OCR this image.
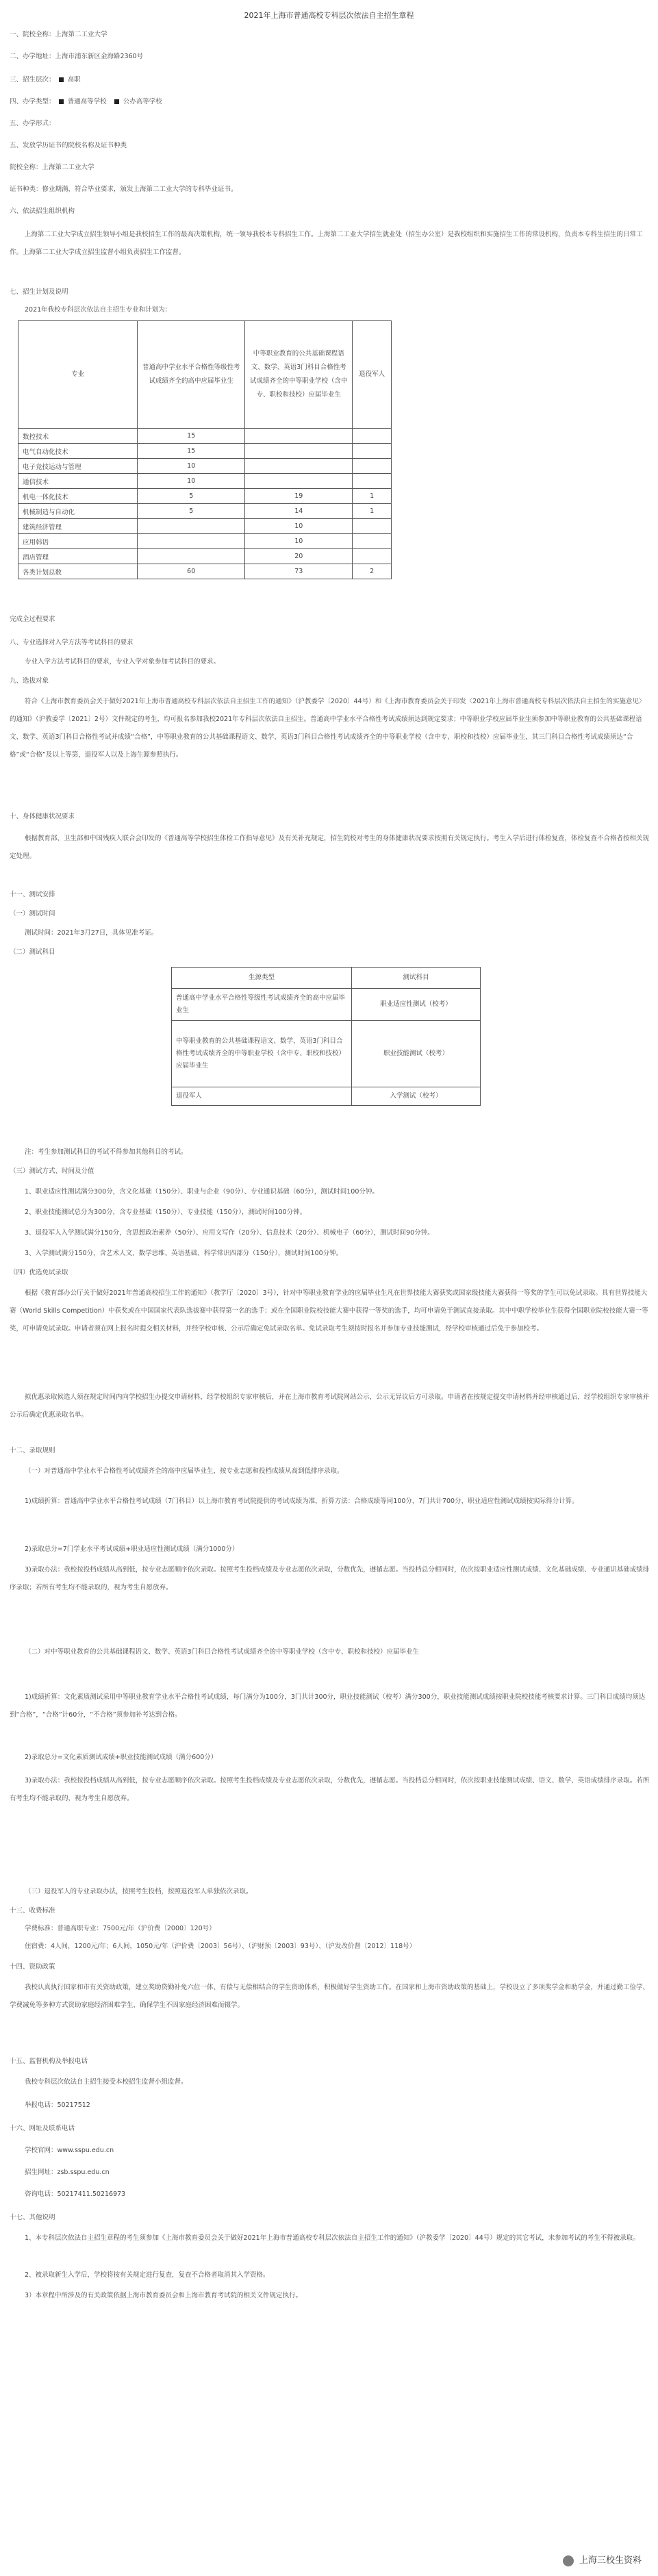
2021年上海市普通高校专科层次依法自主招生章程
一、院校全称：上海第二工业大学
二、办学地址：上海市浦东新区金海路2360号
三、招生层次： 高职
四、办学类型： 普通高等学校	公办高等学校
五、办学形式：
五、发放学历证书的院校名称及证书种类
院校全称：上海第二工业大学
证书种类：修业期满，符合毕业要求，颁发上海第二工业大学的专科毕业证书。
六、依法招生组织机构
上海第二工业大学成立招生领导小组是我校招生工作的最高决策机构，统一领导我校本专科招生工作。上海第二工业大学招生就业处（招生办公室）是我校组织和实施招生工作的常设机构，负责本专科生招生的日常工作。上海第二工业大学成立招生监督小组负责招生工作监督。
七、招生计划及说明
2021年我校专科层次依法自主招生专业和计划为：
专业	普通高中学业水平合格性等级性考试成绩齐全的高中应届毕业生	中等职业教育的公共基础课程语文、数学、英语3门科目合格性考试成绩齐全的中等职业学校（含中专、职校和技校）应届毕业生	退役军人
数控技术	15		
电气自动化技术	15		
电子竞技运动与管理	10		
通信技术	10		
机电一体化技术	5	19	1
机械制造与自动化	5	14	1
建筑经济管理		10	
应用韩语		10	
酒店管理		20	
各类计划总数	60	73	2
完成全过程要求
八、专业选择对入学方法等考试科目的要求
专业入学方法考试科目的要求，专业入学对象参加考试科目的要求。
九、选拔对象
符合《上海市教育委员会关于做好2021年上海市普通高校专科层次依法自主招生工作的通知》（沪教委学〔2020〕44号）和《上海市教育委员会关于印发〈2021年上海市普通高校专科层次依法自主招生的实施意见〉的通知》（沪教委学〔2021〕2号）文件规定的考生，均可报名参加我校2021年专科层次依法自主招生。普通高中学业水平合格性考试成绩须达到规定要求；中等职业学校应届毕业生须参加中等职业教育的公共基础课程语文、数学、英语3门科目合格性考试并成绩“合格”，中等职业教育的公共基础课程语文、数学、英语3门科目合格性考试成绩齐全的中等职业学校（含中专、职校和技校）应届毕业生，其三门科目合格性考试成绩须达“合格”或“合格”及以上等第，退役军人以及上海生源参照执行。
十、身体健康状况要求
根据教育部、卫生部和中国残疾人联合会印发的《普通高等学校招生体检工作指导意见》及有关补充规定，招生院校对考生的身体健康状况要求按照有关规定执行。考生入学后进行体检复查，体检复查不合格者按相关规定处理。
十一、测试安排
（一）测试时间
测试时间：2021年3月27日，具体见准考证。
（二）测试科目
生源类型	测试科目
普通高中学业水平合格性等级性考试成绩齐全的高中应届毕业生	职业适应性测试（校考）
中等职业教育的公共基础课程语文、数学、英语3门科目合格性考试成绩齐全的中等职业学校（含中专、职校和技校）应届毕业生	职业技能测试（校考）
退役军人	入学测试（校考）
注：考生参加测试科目的考试不得参加其他科目的考试。
（三）测试方式、时间及分值
1、职业适应性测试满分300分，含文化基础（150分）、职业与企业（90分）、专业通识基础（60分），测试时间100分钟。
2、职业技能测试总分为300分，含专业基础（150分）、专业技能（150分），测试时间100分钟。
3、退役军人入学测试满分150分，含思想政治素养（50分）、应用文写作（20分）、信息技术（20分）、机械电子（60分），测试时间90分钟。
3、入学测试满分150分，含艺术人文、数学思维、英语基础、科学常识四部分（150分），测试时间100分钟。
（四）优选免试录取
根据《教育部办公厅关于做好2021年普通高校招生工作的通知》（教学厅〔2020〕3号），针对中等职业教育学业的应届毕业生凡在世界技能大赛获奖或国家级技能大赛获得一等奖的学生可以免试录取。具有世界技能大赛（World Skills Competition）中获奖或在中国国家代表队选拔赛中获得第一名的选手；或在全国职业院校技能大赛中获得一等奖的选手，均可申请免于测试直接录取。其中中职学校毕业生获得全国职业院校技能大赛一等奖，可申请免试录取。申请者须在网上报名时提交相关材料，并经学校审核、公示后确定免试录取名单。免试录取考生须按时报名并参加专业技能测试，经学校审核通过后免于参加校考。
拟优惠录取候选人须在规定时间内向学校招生办提交申请材料，经学校组织专家审核后，并在上海市教育考试院网站公示，公示无异议后方可录取。申请者在按规定提交申请材料并经审核通过后，经学校组织专家审核并公示后确定优惠录取名单。
十二、录取规则
（一）对普通高中学业水平合格性考试成绩齐全的高中应届毕业生，按专业志愿和投档成绩从高到低排序录取。
1)成绩折算：普通高中学业水平合格性考试成绩（7门科目）以上海市教育考试院提供的考试成绩为准，折算方法：合格成绩等同100分，7门共计700分，职业适应性测试成绩按实际得分计算。
2)录取总分=7门学业水平考试成绩+职业适应性测试成绩（满分1000分）
3)录取办法：我校按投档成绩从高到低，按专业志愿顺序依次录取。按照考生投档成绩及专业志愿依次录取，分数优先，遵循志愿。当投档总分相同时，依次按职业适应性测试成绩、文化基础成绩、专业通识基础成绩排序录取；若所有考生均不能录取的，视为考生自愿放弃。
（二）对中等职业教育的公共基础课程语文、数学、英语3门科目合格性考试成绩齐全的中等职业学校（含中专、职校和技校）应届毕业生
1)成绩折算：文化素质测试采用中等职业教育学业水平合格性考试成绩，每门满分为100分，3门共计300分，职业技能测试（校考）满分300分，职业技能测试成绩按职业院校技能考核要求计算。三门科目成绩均须达到“合格”，“合格”计60分，“不合格”须参加补考达到合格。
2)录取总分=文化素质测试成绩+职业技能测试成绩（满分600分）
3)录取办法：我校按投档成绩从高到低，按专业志愿顺序依次录取。按照考生投档成绩及专业志愿依次录取，分数优先，遵循志愿。当投档总分相同时，依次按职业技能测试成绩、语文、数学、英语成绩排序录取。若所有考生均不能录取的，视为考生自愿放弃。
（三）退役军人的专业录取办法，按照考生投档，按照退役军人单独依次录取。
十三、收费标准
学费标准：普通高职专业：7500元/年（沪价费〔2000〕120号）
住宿费：4人间，1200元/年；6人间，1050元/年（沪价费〔2003〕56号）、（沪财预〔2003〕93号）、（沪发改价督〔2012〕118号）
十四、资助政策
我校认真执行国家和市有关资助政策，建立奖助贷勤补免六位一体、有偿与无偿相结合的学生资助体系，积极做好学生资助工作。在国家和上海市资助政策的基础上，学校设立了多项奖学金和助学金，并通过勤工俭学、学费减免等多种方式资助家庭经济困难学生，确保学生不因家庭经济困难而辍学。
十五、监督机构及举报电话
我校专科层次依法自主招生接受本校招生监督小组监督。
举报电话：50217512
十六、网址及联系电话
学校官网：www.sspu.edu.cn
招生网址：zsb.sspu.edu.cn
咨询电话：50217411.50216973
十七、其他说明
1、本专科层次依法自主招生章程的考生须参加《上海市教育委员会关于做好2021年上海市普通高校专科层次依法自主招生工作的通知》（沪教委学〔2020〕44号）规定的其它考试，未参加考试的考生不得被录取。
2、被录取新生入学后，学校将按有关规定进行复查，复查不合格者取消其入学资格。
3）本章程中所涉及的有关政策依据上海市教育委员会和上海市教育考试院的相关文件规定执行。
上海三校生资料
